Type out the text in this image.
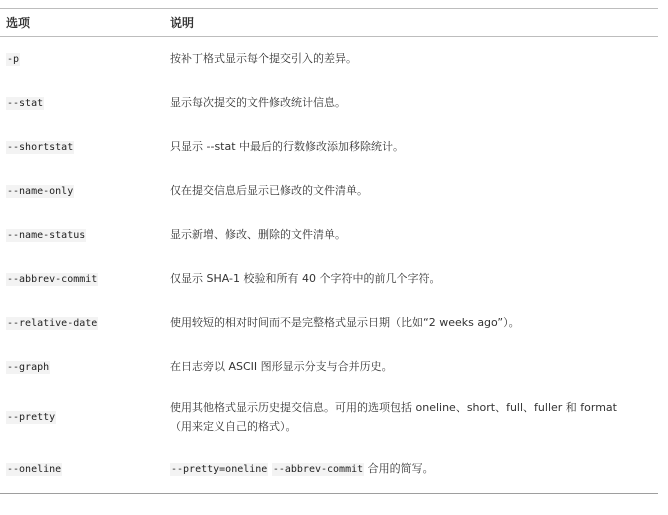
选项	说明
-p	按补丁格式显示每个提交引入的差异。
--stat	显示每次提交的文件修改统计信息。
--shortstat	只显示 --stat 中最后的行数修改添加移除统计。
--name-only	仅在提交信息后显示已修改的文件清单。
--name-status	显示新增、修改、删除的文件清单。
--abbrev-commit	仅显示 SHA-1 校验和所有 40 个字符中的前几个字符。
--relative-date	使用较短的相对时间而不是完整格式显示日期（比如“2 weeks ago”）。
--graph	在日志旁以 ASCII 图形显示分支与合并历史。
--pretty	使用其他格式显示历史提交信息。可用的选项包括 oneline、short、full、fuller 和 format（用来定义自己的格式）。
--oneline	--pretty=oneline --abbrev-commit 合用的简写。
